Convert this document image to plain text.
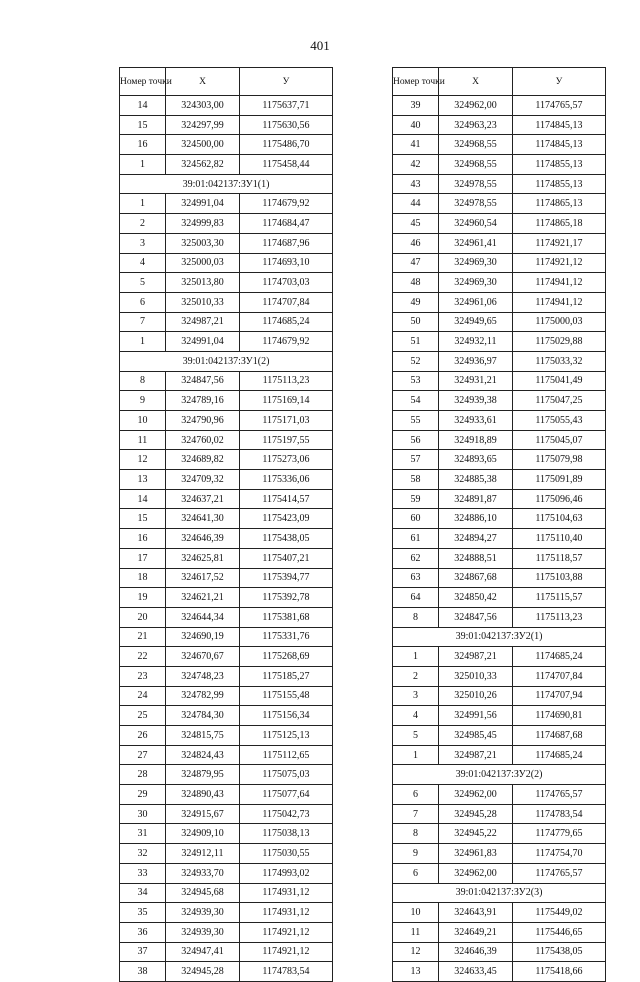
401
Номер точки	X	У
14	324303,00	1175637,71
15	324297,99	1175630,56
16	324500,00	1175486,70
1	324562,82	1175458,44
39:01:042137:ЗУ1(1)		
1	324991,04	1174679,92
2	324999,83	1174684,47
3	325003,30	1174687,96
4	325000,03	1174693,10
5	325013,80	1174703,03
6	325010,33	1174707,84
7	324987,21	1174685,24
1	324991,04	1174679,92
39:01:042137:ЗУ1(2)		
8	324847,56	1175113,23
9	324789,16	1175169,14
10	324790,96	1175171,03
11	324760,02	1175197,55
12	324689,82	1175273,06
13	324709,32	1175336,06
14	324637,21	1175414,57
15	324641,30	1175423,09
16	324646,39	1175438,05
17	324625,81	1175407,21
18	324617,52	1175394,77
19	324621,21	1175392,78
20	324644,34	1175381,68
21	324690,19	1175331,76
22	324670,67	1175268,69
23	324748,23	1175185,27
24	324782,99	1175155,48
25	324784,30	1175156,34
26	324815,75	1175125,13
27	324824,43	1175112,65
28	324879,95	1175075,03
29	324890,43	1175077,64
30	324915,67	1175042,73
31	324909,10	1175038,13
32	324912,11	1175030,55
33	324933,70	1174993,02
34	324945,68	1174931,12
35	324939,30	1174931,12
36	324939,30	1174921,12
37	324947,41	1174921,12
38	324945,28	1174783,54
Номер точки	X	У
39	324962,00	1174765,57
40	324963,23	1174845,13
41	324968,55	1174845,13
42	324968,55	1174855,13
43	324978,55	1174855,13
44	324978,55	1174865,13
45	324960,54	1174865,18
46	324961,41	1174921,17
47	324969,30	1174921,12
48	324969,30	1174941,12
49	324961,06	1174941,12
50	324949,65	1175000,03
51	324932,11	1175029,88
52	324936,97	1175033,32
53	324931,21	1175041,49
54	324939,38	1175047,25
55	324933,61	1175055,43
56	324918,89	1175045,07
57	324893,65	1175079,98
58	324885,38	1175091,89
59	324891,87	1175096,46
60	324886,10	1175104,63
61	324894,27	1175110,40
62	324888,51	1175118,57
63	324867,68	1175103,88
64	324850,42	1175115,57
8	324847,56	1175113,23
39:01:042137:ЗУ2(1)		
1	324987,21	1174685,24
2	325010,33	1174707,84
3	325010,26	1174707,94
4	324991,56	1174690,81
5	324985,45	1174687,68
1	324987,21	1174685,24
39:01:042137:ЗУ2(2)		
6	324962,00	1174765,57
7	324945,28	1174783,54
8	324945,22	1174779,65
9	324961,83	1174754,70
6	324962,00	1174765,57
39:01:042137:ЗУ2(3)		
10	324643,91	1175449,02
11	324649,21	1175446,65
12	324646,39	1175438,05
13	324633,45	1175418,66
